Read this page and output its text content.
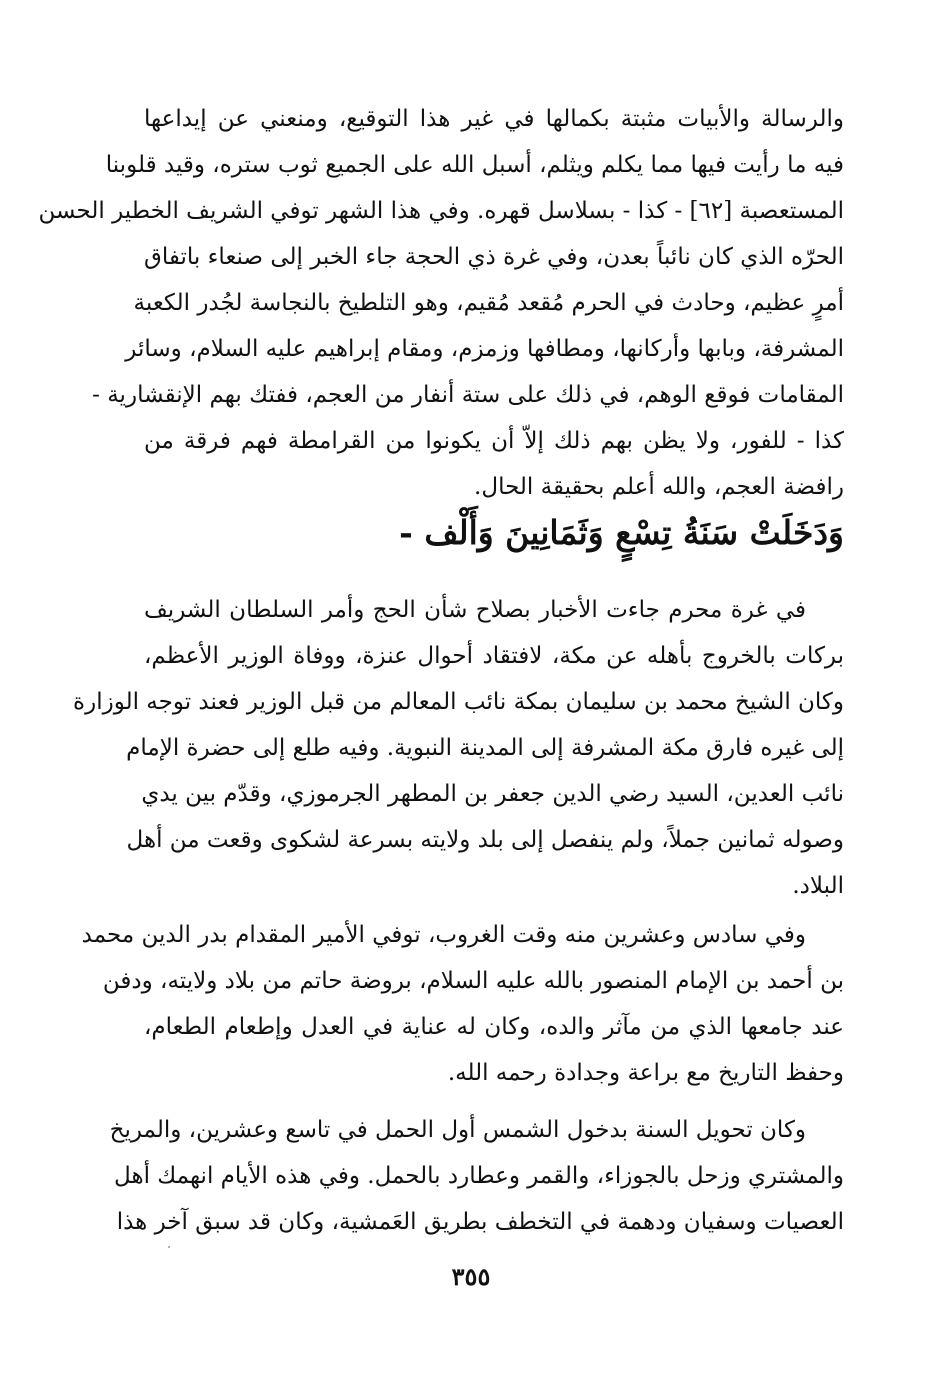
والرسالة والأبيات مثبتة بكمالها في غير هذا التوقيع، ومنعني عن إيداعها
فيه ما رأيت فيها مما يكلم ويثلم، أسبل الله على الجميع ثوب ستره، وقيد قلوبنا
المستعصبة [٦٢] - كذا - بسلاسل قهره. وفي هذا الشهر توفي الشريف الخطير الحسن
الحرّه الذي كان نائباً بعدن، وفي غرة ذي الحجة جاء الخبر إلى صنعاء باتفاق
أمرٍ عظيم، وحادث في الحرم مُقعد مُقيم، وهو التلطيخ بالنجاسة لجُدر الكعبة
المشرفة، وبابها وأركانها، ومطافها وزمزم، ومقام إبراهيم عليه السلام، وسائر
المقامات فوقع الوهم، في ذلك على ستة أنفار من العجم، ففتك بهم الإنقشارية -
كذا - للفور، ولا يظن بهم ذلك إلاّ أن يكونوا من القرامطة فهم فرقة من
رافضة العجم، والله أعلم بحقيقة الحال.
وَدَخَلَتْ سَنَةُ تِسْعٍ وَثَمَانِينَ وَأَلْف -
في غرة محرم جاءت الأخبار بصلاح شأن الحج وأمر السلطان الشريف
بركات بالخروج بأهله عن مكة، لافتقاد أحوال عنزة، ووفاة الوزير الأعظم،
وكان الشيخ محمد بن سليمان بمكة نائب المعالم من قبل الوزير فعند توجه الوزارة
إلى غيره فارق مكة المشرفة إلى المدينة النبوية. وفيه طلع إلى حضرة الإمام
نائب العدين، السيد رضي الدين جعفر بن المطهر الجرموزي، وقدّم بين يدي
وصوله ثمانين جملاً، ولم ينفصل إلى بلد ولايته بسرعة لشكوى وقعت من أهل
البلاد.
وفي سادس وعشرين منه وقت الغروب، توفي الأمير المقدام بدر الدين محمد
بن أحمد بن الإمام المنصور بالله عليه السلام، بروضة حاتم من بلاد ولايته، ودفن
عند جامعها الذي من مآثر والده، وكان له عناية في العدل وإطعام الطعام،
وحفظ التاريخ مع براعة وجدادة رحمه الله.
وكان تحويل السنة بدخول الشمس أول الحمل في تاسع وعشرين، والمريخ
والمشتري وزحل بالجوزاء، والقمر وعطارد بالحمل. وفي هذه الأيام انهمك أهل
العصيات وسفيان ودهمة في التخطف بطريق العَمشية، وكان قد سبق آخر هذا
٣٥٥
